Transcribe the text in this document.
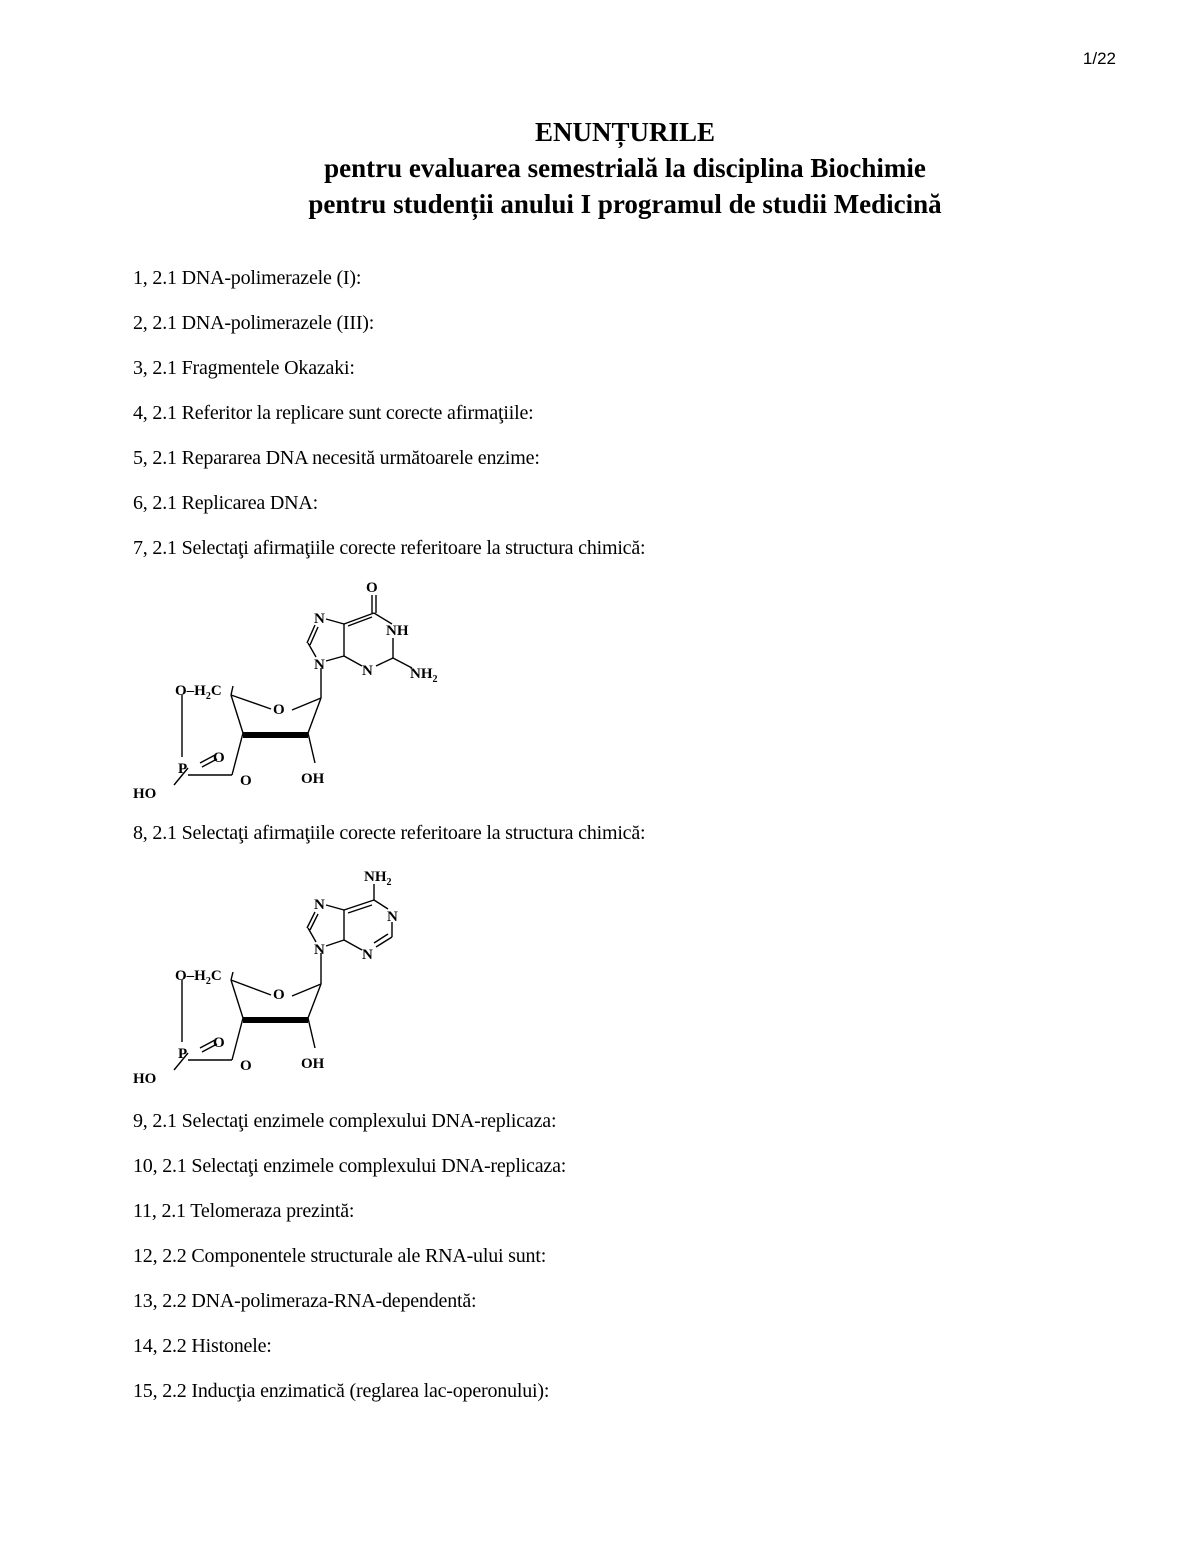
1/22
ENUNȚURILE
pentru evaluarea semestrială la disciplina Biochimie
pentru studenții anului I programul de studii Medicină
1, 2.1 DNA-polimerazele (I):
2, 2.1 DNA-polimerazele (III):
3, 2.1 Fragmentele Okazaki:
4, 2.1 Referitor la replicare sunt corecte afirmaţiile:
5, 2.1 Repararea DNA necesită următoarele enzime:
6, 2.1 Replicarea DNA:
7, 2.1 Selectaţi afirmaţiile corecte referitoare la structura chimică:
O
NH
$NH_2$
N
N
N
$O-H_2C$
O
P
O
O	OH
HO
8, 2.1 Selectaţi afirmaţiile corecte referitoare la structura chimică:
$NH_2$
N
N
N
N
$O-H_2C$
O
P
O
O	OH
HO
9, 2.1 Selectaţi enzimele complexului DNA-replicaza:
10, 2.1 Selectaţi enzimele complexului DNA-replicaza:
11, 2.1 Telomeraza prezintă:
12, 2.2 Componentele structurale ale RNA-ului sunt:
13, 2.2 DNA-polimeraza-RNA-dependentă:
14, 2.2 Histonele:
15, 2.2 Inducţia enzimatică (reglarea lac-operonului):
